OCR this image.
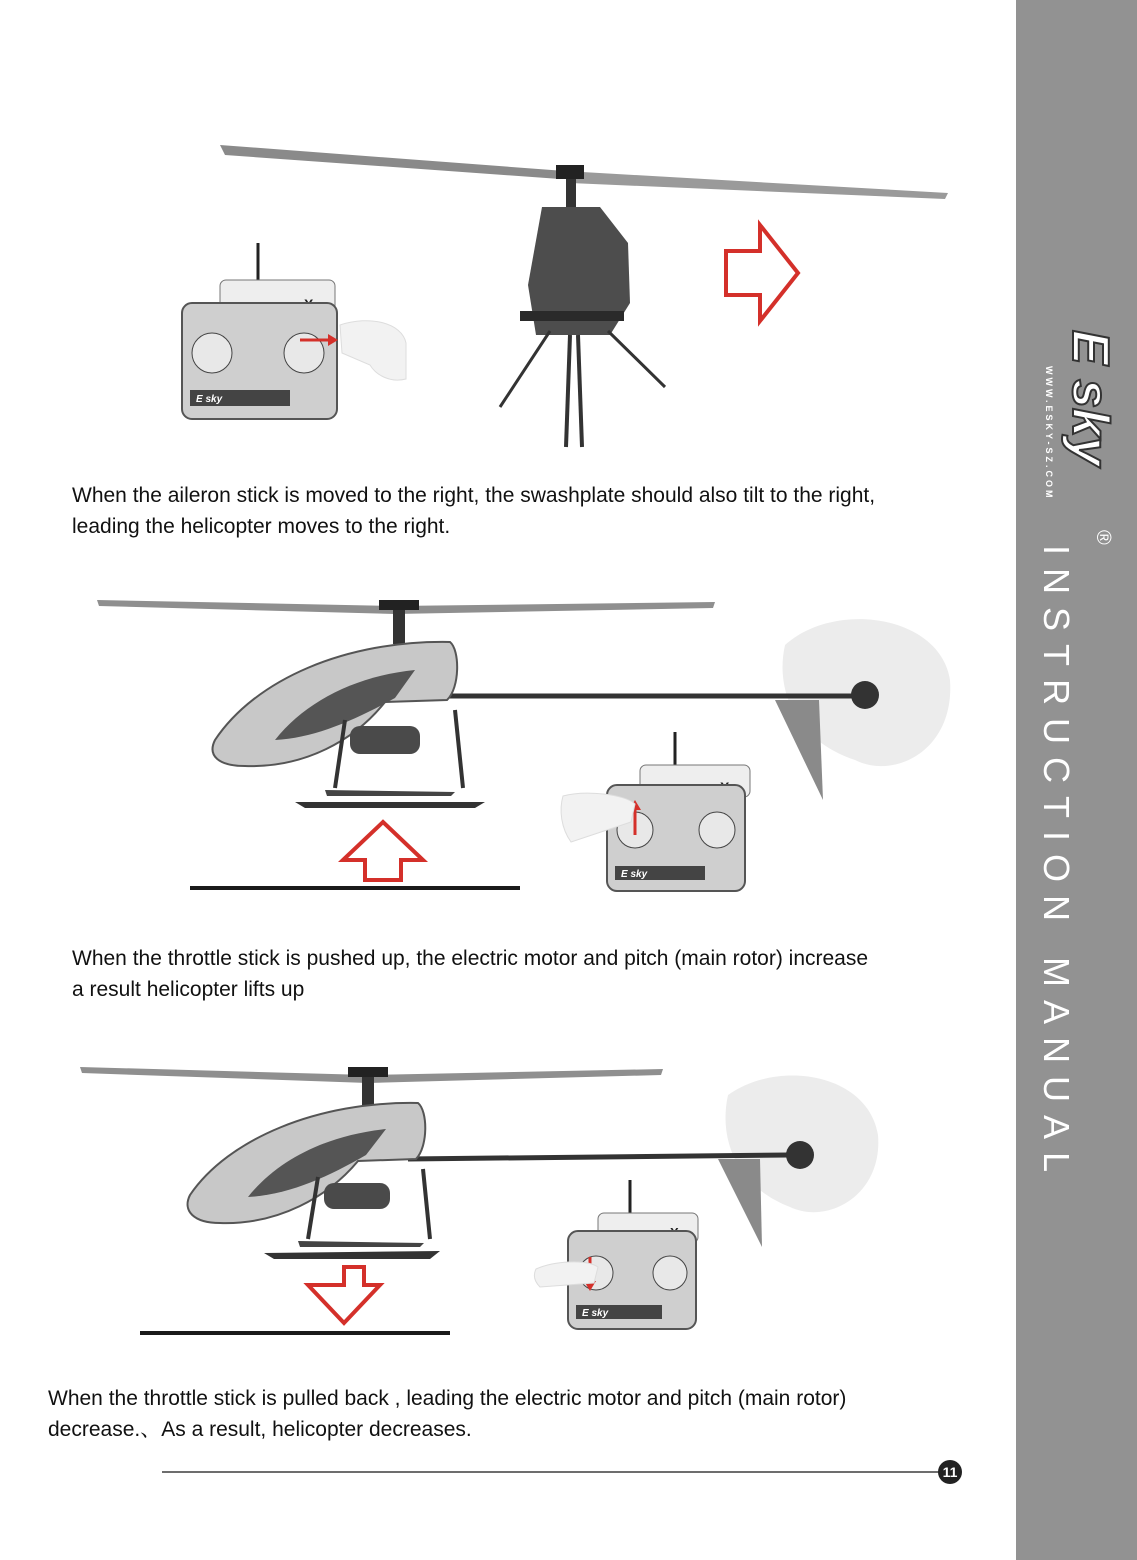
E sky
®
WWW.ESKY-SZ.COM
INSTRUCTION MANUAL
E sky
When the aileron stick is moved to the right, the swashplate should also tilt to the right,
leading the helicopter moves to the right.
E sky
When the throttle stick is pushed up, the electric motor and pitch (main rotor) increase
a result helicopter lifts up
E sky
When the throttle stick is pulled back , leading the electric motor and pitch (main rotor)
decrease.、As a result, helicopter decreases.
11
